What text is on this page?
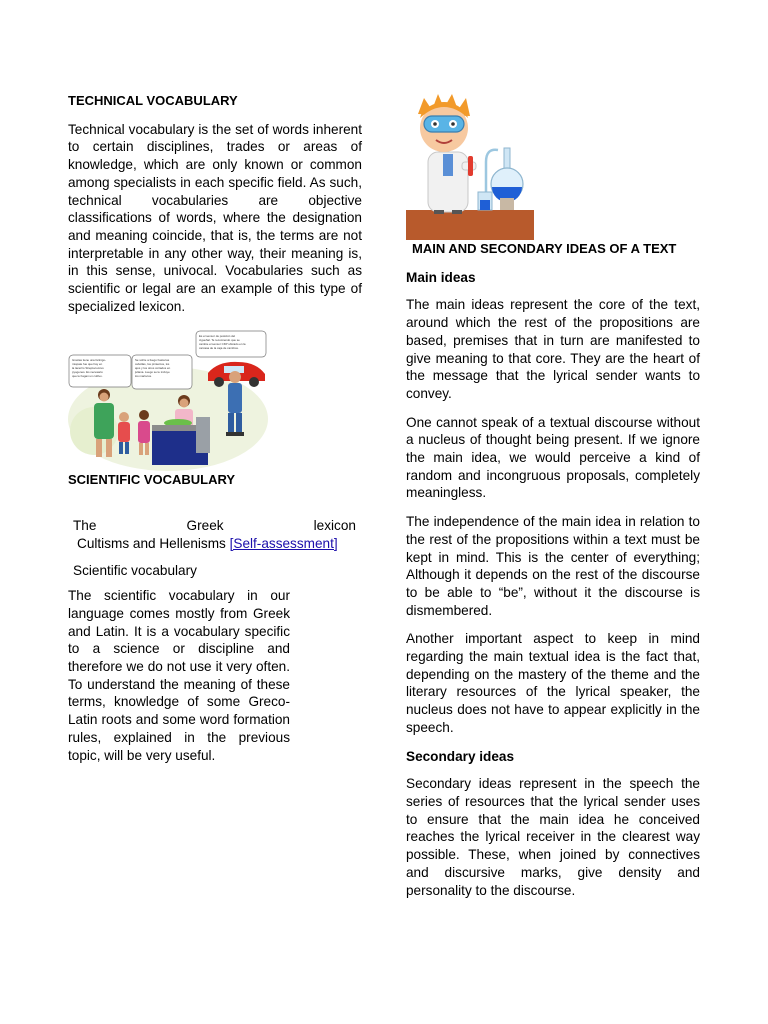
TECHNICAL VOCABULARY

Technical vocabulary is the set of words inherent to certain disciplines, trades or areas of knowledge, which are only known or common among specialists in each specific field. As such, technical vocabularies are objective classifications of words, where the designation and meaning coincide, that is, the terms are not interpretable in any other way, their meaning is, in this sense, univocal. Vocabularies such as scientific or legal are an example of this type of specialized lexicon.

Gracias tiene una farinigo- miopate fue que hay en la laceriro Streptococcus pyogenes. Es necesario que le hagan un cultivo.
Se sofrie a fuego hasta las cebollas, los pimientos, los ajos y los otros cortados en juliana. Luego se le incluye los mariscos.
Es el sensor de posición del cigueñal. Te recomiendo que se cambie el sensor CKP ubicado en la carcasa de la caja de cambios.

SCIENTIFIC VOCABULARY

The	Greek	lexicon

Cultisms and Hellenisms [Self-assessment]

Scientific vocabulary

The scientific vocabulary in our language comes mostly from Greek and Latin. It is a vocabulary specific to a science or discipline and therefore we do not use it very often. To understand the meaning of these terms, knowledge of some Greco-Latin roots and some word formation rules, explained in the previous topic, will be very useful.

MAIN AND SECONDARY IDEAS OF A TEXT

Main ideas

The main ideas represent the core of the text, around which the rest of the propositions are based, premises that in turn are manifested to give meaning to that core. They are the heart of the message that the lyrical sender wants to convey.

One cannot speak of a textual discourse without a nucleus of thought being present. If we ignore the main idea, we would perceive a kind of random and incongruous proposals, completely meaningless.

The independence of the main idea in relation to the rest of the propositions within a text must be kept in mind. This is the center of everything; Although it depends on the rest of the discourse to be able to “be”, without it the discourse is dismembered.

Another important aspect to keep in mind regarding the main textual idea is the fact that, depending on the mastery of the theme and the literary resources of the lyrical speaker, the nucleus does not have to appear explicitly in the speech.

Secondary ideas

Secondary ideas represent in the speech the series of resources that the lyrical sender uses to ensure that the main idea he conceived reaches the lyrical receiver in the clearest way possible. These, when joined by connectives and discursive marks, give density and personality to the discourse.
